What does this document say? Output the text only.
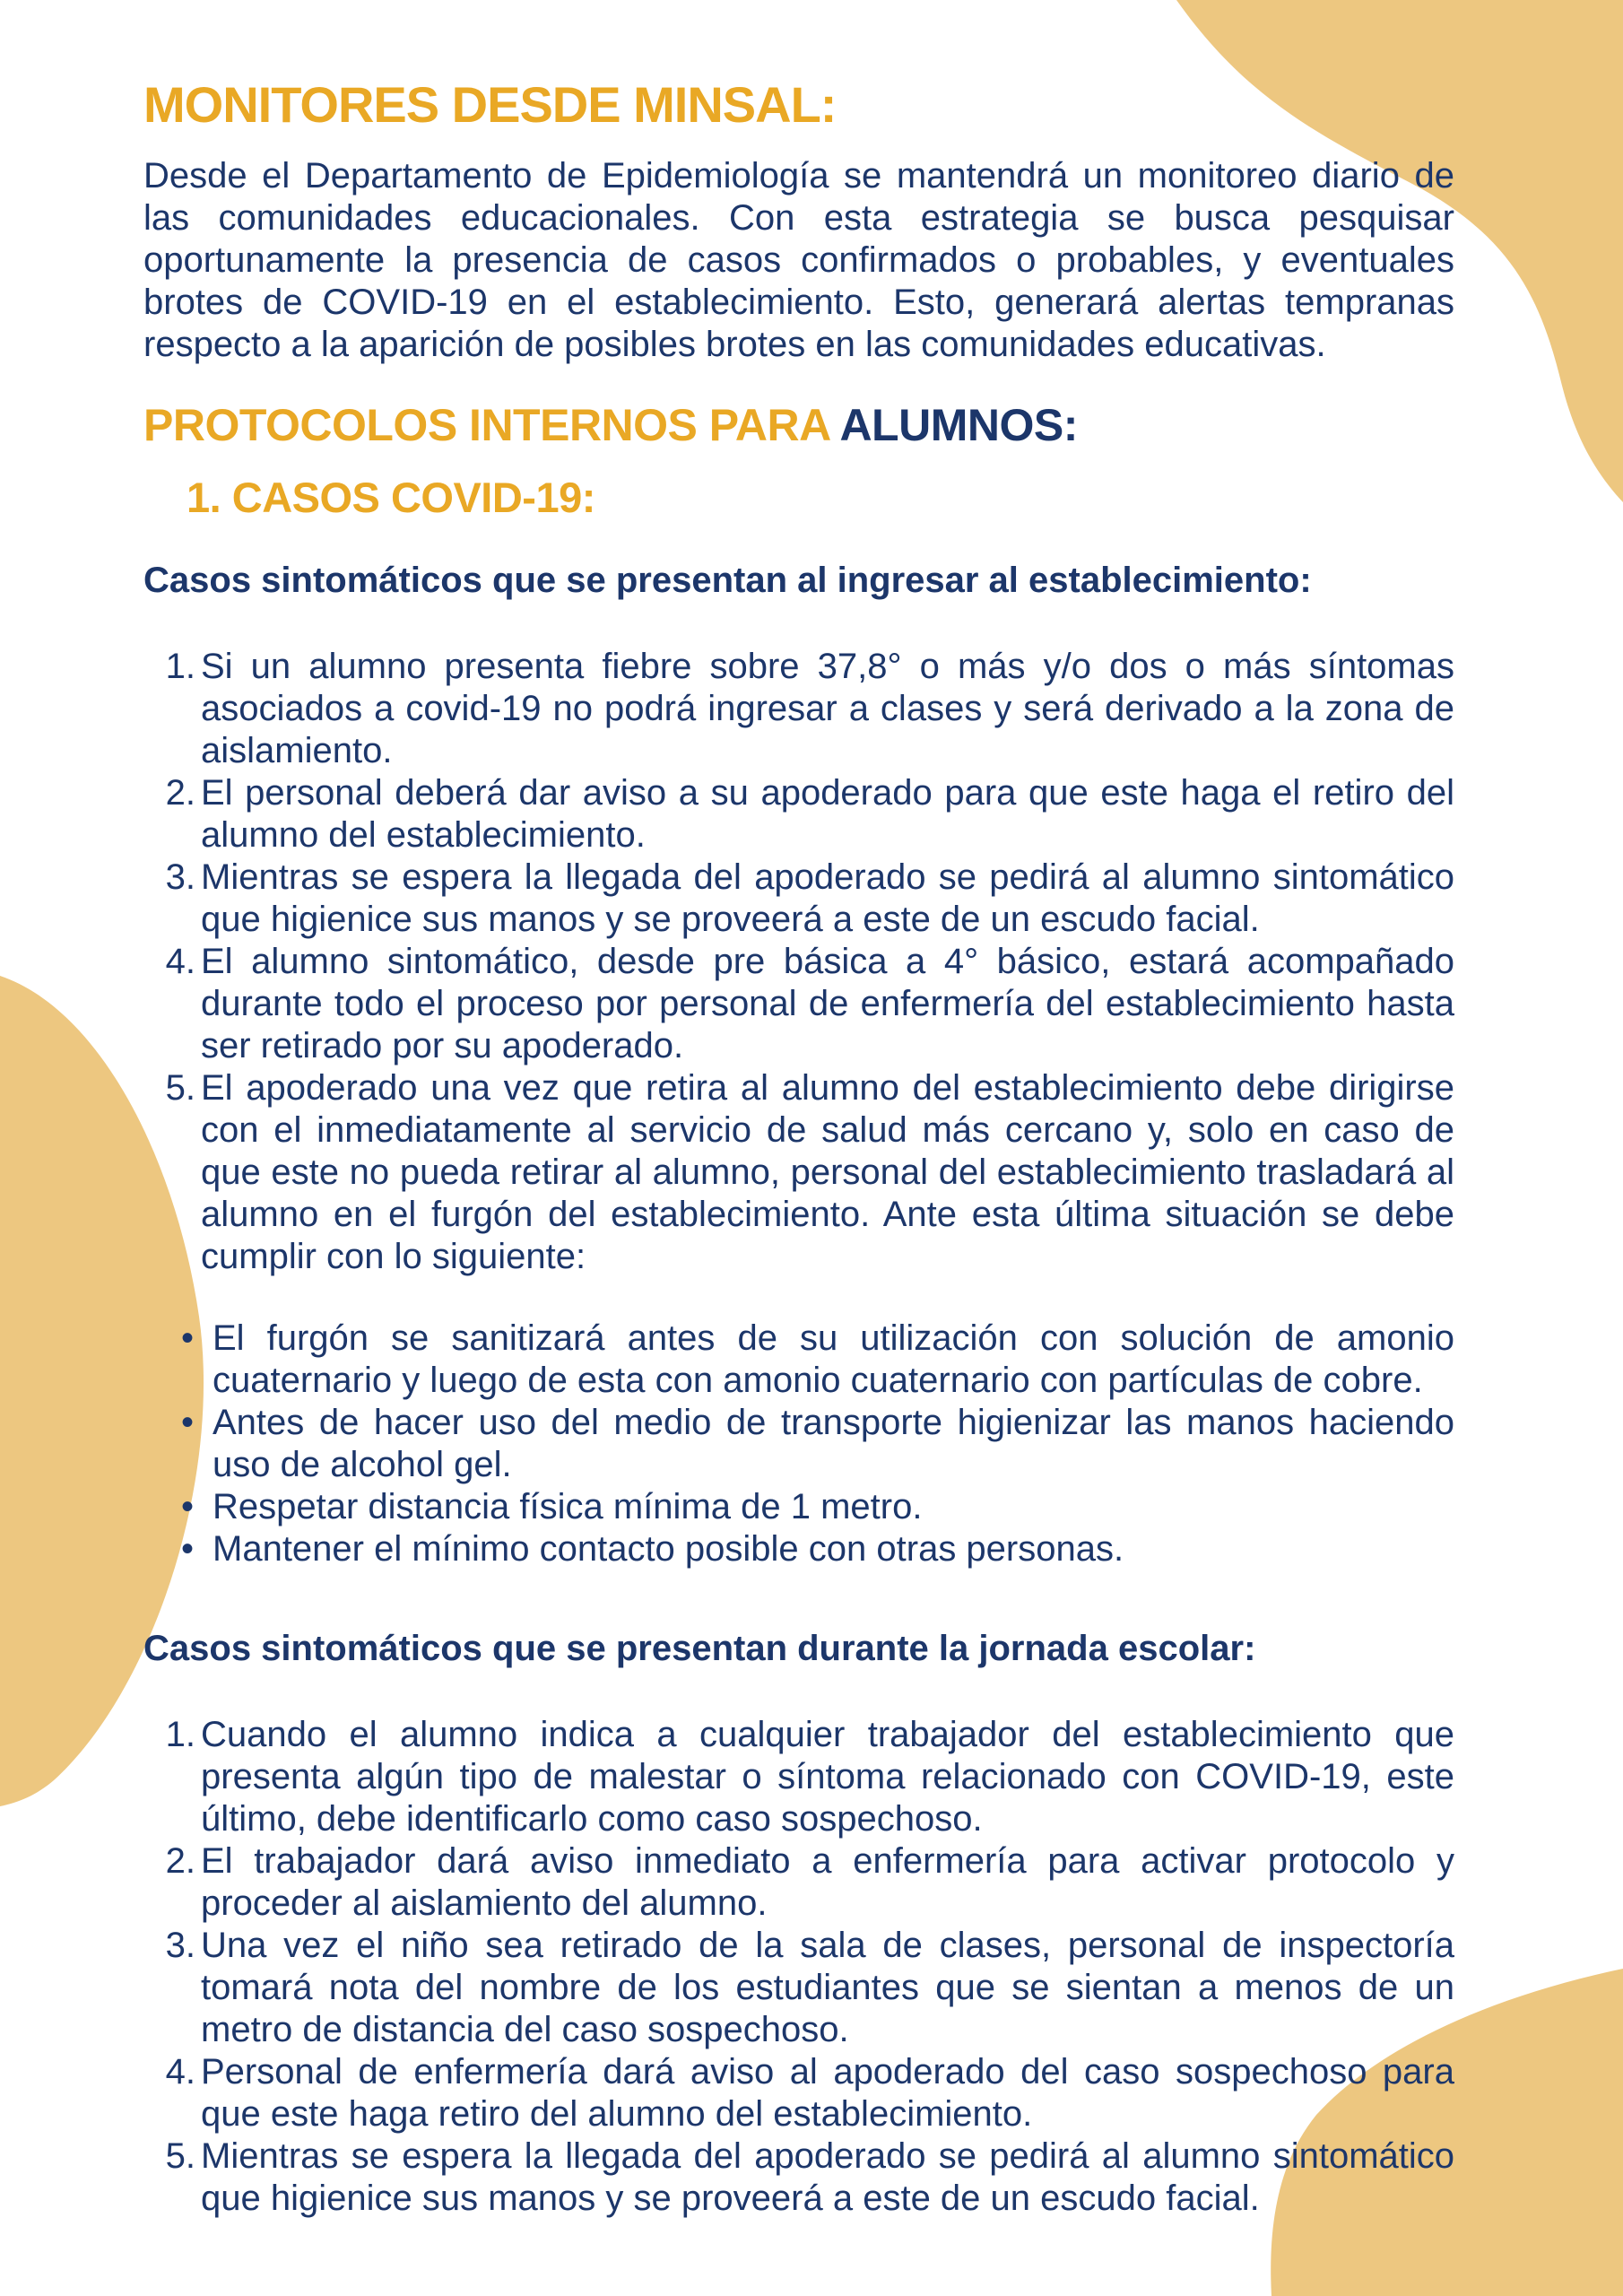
MONITORES DESDE MINSAL:

Desde el Departamento de Epidemiología se mantendrá un monitoreo diario de las comunidades educacionales. Con esta estrategia se busca pesquisar oportunamente la presencia de casos confirmados o probables, y eventuales brotes de COVID-19 en el establecimiento. Esto, generará alertas tempranas respecto a la aparición de posibles brotes en las comunidades educativas.

PROTOCOLOS INTERNOS PARA ALUMNOS:
1. CASOS COVID-19:

Casos sintomáticos que se presentan al ingresar al establecimiento:

Si un alumno presenta fiebre sobre 37,8° o más y/o dos o más síntomas asociados a covid-19 no podrá ingresar a clases y será derivado a la zona de aislamiento.
El personal deberá dar aviso a su apoderado para que este haga el retiro del alumno del establecimiento.
Mientras se espera la llegada del apoderado se pedirá al alumno sintomático que higienice sus manos y se proveerá a este de un escudo facial.
El alumno sintomático, desde pre básica a 4° básico, estará acompañado durante todo el proceso por personal de enfermería del establecimiento hasta ser retirado por su apoderado.
El apoderado una vez que retira al alumno del establecimiento debe dirigirse con el inmediatamente al servicio de salud más cercano y, solo en caso de que este no pueda retirar al alumno, personal del establecimiento trasladará al alumno en el furgón del establecimiento. Ante esta última situación se debe cumplir con lo siguiente:
• El furgón se sanitizará antes de su utilización con solución de amonio cuaternario y luego de esta con amonio cuaternario con partículas de cobre.
• Antes de hacer uso del medio de transporte higienizar las manos haciendo uso de alcohol gel.
• Respetar distancia física mínima de 1 metro.
• Mantener el mínimo contacto posible con otras personas.

Casos sintomáticos que se presentan durante la jornada escolar:

Cuando el alumno indica a cualquier trabajador del establecimiento que presenta algún tipo de malestar o síntoma relacionado con COVID-19, este último, debe identificarlo como caso sospechoso.
El trabajador dará aviso inmediato a enfermería para activar protocolo y proceder al aislamiento del alumno.
Una vez el niño sea retirado de la sala de clases, personal de inspectoría tomará nota del nombre de los estudiantes que se sientan a menos de un metro de distancia del caso sospechoso.
Personal de enfermería dará aviso al apoderado del caso sospechoso para que este haga retiro del alumno del establecimiento.
Mientras se espera la llegada del apoderado se pedirá al alumno sintomático que higienice sus manos y se proveerá a este de un escudo facial.
